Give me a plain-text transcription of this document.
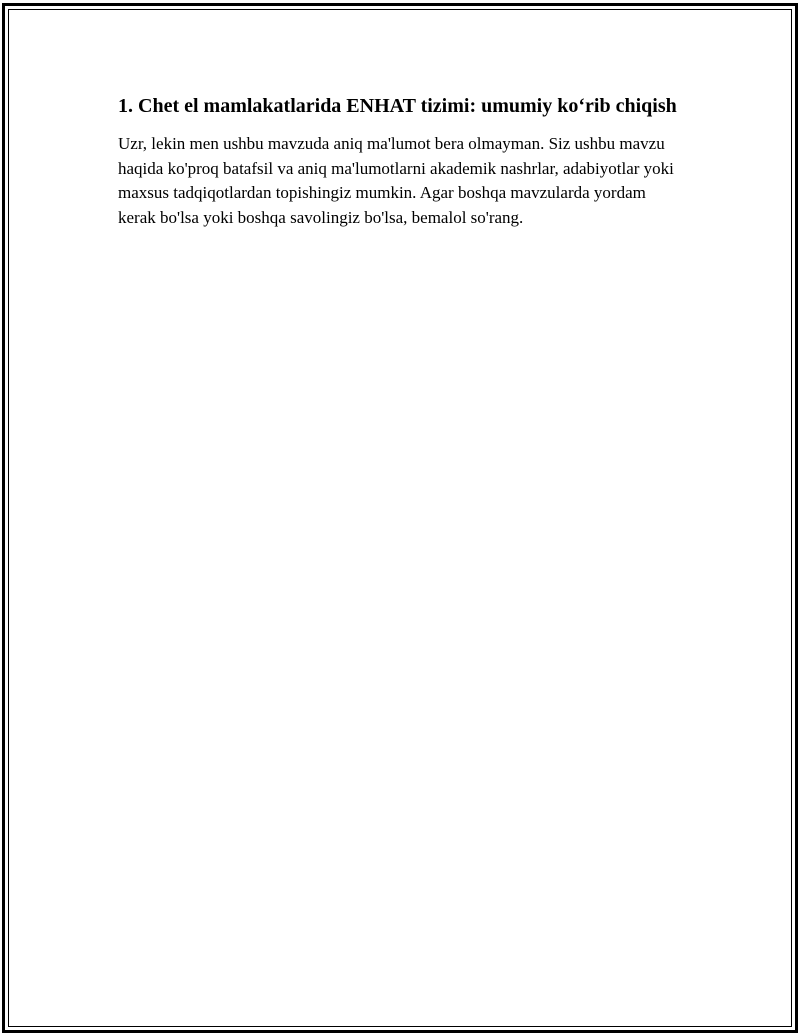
1. Chet el mamlakatlarida ENHAT tizimi: umumiy ko‘rib chiqish

Uzr, lekin men ushbu mavzuda aniq ma'lumot bera olmayman. Siz ushbu mavzu haqida ko'proq batafsil va aniq ma'lumotlarni akademik nashrlar, adabiyotlar yoki maxsus tadqiqotlardan topishingiz mumkin. Agar boshqa mavzularda yordam kerak bo'lsa yoki boshqa savolingiz bo'lsa, bemalol so'rang.
